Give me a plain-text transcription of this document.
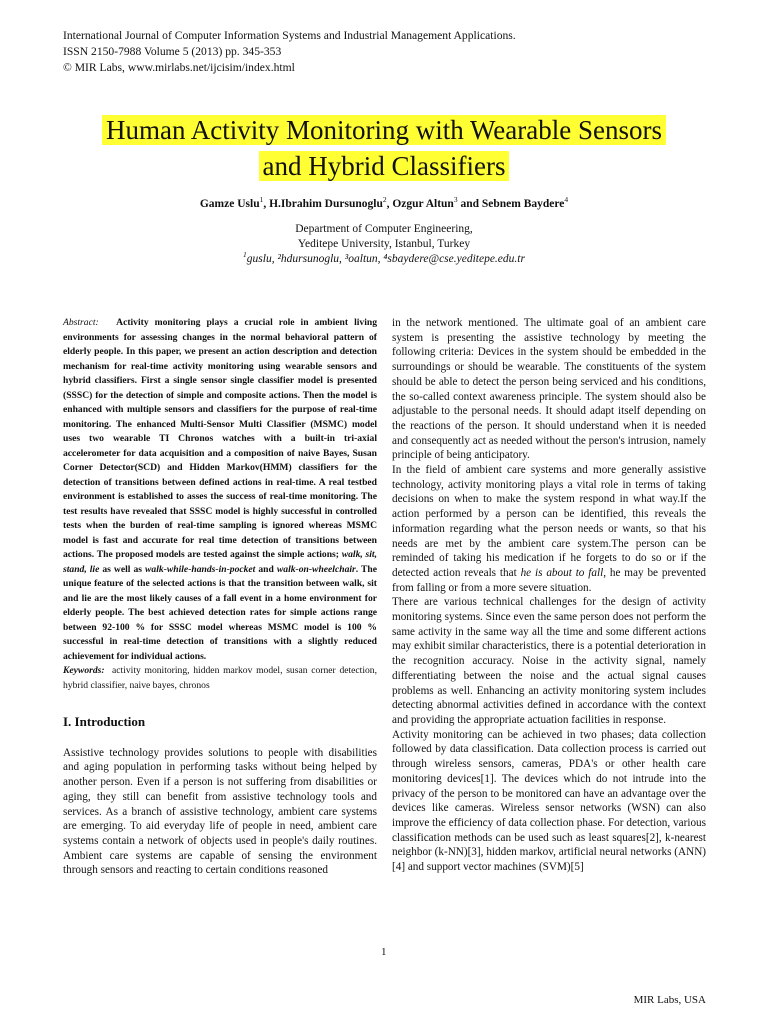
International Journal of Computer Information Systems and Industrial Management Applications.
ISSN 2150-7988 Volume 5 (2013) pp. 345-353
© MIR Labs, www.mirlabs.net/ijcisim/index.html
Human Activity Monitoring with Wearable Sensors
and Hybrid Classifiers
Gamze Uslu$^1$, H.Ibrahim Dursunoglu$^2$, Ozgur Altun$^3$ and Sebnem Baydere$^4$
Department of Computer Engineering,
Yeditepe University, Istanbul, Turkey
$^1$guslu, ²hdursunoglu, ³oaltun, ⁴sbaydere@cse.yeditepe.edu.tr

Abstract: Activity monitoring plays a crucial role in ambient living environments for assessing changes in the normal behavioral pattern of elderly people. In this paper, we present an action description and detection mechanism for real-time activity monitoring using wearable sensors and hybrid classifiers. First a single sensor single classifier model is presented (SSSC) for the detection of simple and composite actions. Then the model is enhanced with multiple sensors and classifiers for the purpose of real-time monitoring. The enhanced Multi-Sensor Multi Classifier (MSMC) model uses two wearable TI Chronos watches with a built-in tri-axial accelerometer for data acquisition and a composition of naive Bayes, Susan Corner Detector(SCD) and Hidden Markov(HMM) classifiers for the detection of transitions between defined actions in real-time. A real testbed environment is established to asses the success of real-time monitoring. The test results have revealed that SSSC model is highly successful in controlled tests when the burden of real-time sampling is ignored whereas MSMC model is fast and accurate for real time detection of transitions between actions. The proposed models are tested against the simple actions; walk, sit, stand, lie as well as walk-while-hands-in-pocket and walk-on-wheelchair. The unique feature of the selected actions is that the transition between walk, sit and lie are the most likely causes of a fall event in a home environment for elderly people. The best achieved detection rates for simple actions range between 92-100 % for SSSC model whereas MSMC model is 100 % successful in real-time detection of transitions with a slightly reduced achievement for individual actions.

Keywords: activity monitoring, hidden markov model, susan corner detection, hybrid classifier, naive bayes, chronos

I. Introduction

Assistive technology provides solutions to people with disabilities and aging population in performing tasks without being helped by another person. Even if a person is not suffering from disabilities or aging, they still can benefit from assistive technology tools and services. As a branch of assistive technology, ambient care systems are emerging. To aid everyday life of people in need, ambient care systems contain a network of objects used in people's daily routines. Ambient care systems are capable of sensing the environment through sensors and reacting to certain conditions reasoned

in the network mentioned. The ultimate goal of an ambient care system is presenting the assistive technology by meeting the following criteria: Devices in the system should be embedded in the surroundings or should be wearable. The constituents of the system should be able to detect the person being serviced and his conditions, the so-called context awareness principle. The system should also be adjustable to the personal needs. It should adapt itself depending on the reactions of the person. It should understand when it is needed and consequently act as needed without the person's intrusion, namely principle of being anticipatory.

In the field of ambient care systems and more generally assistive technology, activity monitoring plays a vital role in terms of taking decisions on when to make the system respond in what way.If the action performed by a person can be identified, this reveals the information regarding what the person needs or wants, so that his needs are met by the ambient care system.The person can be reminded of taking his medication if he forgets to do so or if the detected action reveals that he is about to fall, he may be prevented from falling or from a more severe situation.

There are various technical challenges for the design of activity monitoring systems. Since even the same person does not perform the same activity in the same way all the time and some different actions may exhibit similar characteristics, there is a potential deterioration in the recognition accuracy. Noise in the activity signal, namely differentiating between the noise and the actual signal causes problems as well. Enhancing an activity monitoring system includes detecting abnormal activities defined in accordance with the context and providing the appropriate actuation facilities in response.

Activity monitoring can be achieved in two phases; data collection followed by data classification. Data collection process is carried out through wireless sensors, cameras, PDA's or other health care monitoring devices[1]. The devices which do not intrude into the privacy of the person to be monitored can have an advantage over the devices like cameras. Wireless sensor networks (WSN) can also improve the efficiency of data collection phase. For detection, various classification methods can be used such as least squares[2], k-nearest neighbor (k-NN)[3], hidden markov, artificial neural networks (ANN)[4] and support vector machines (SVM)[5]

1
MIR Labs, USA
